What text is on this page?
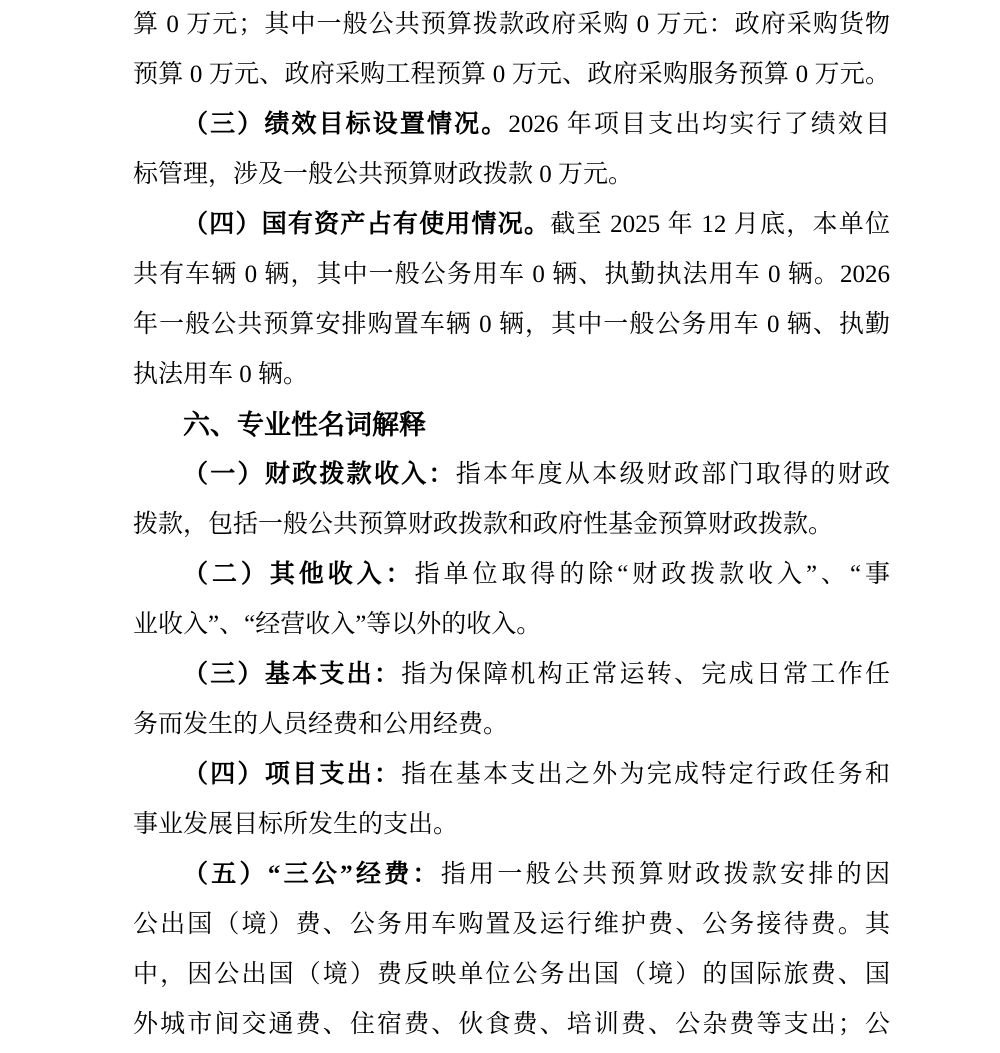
算 0 万元；其中一般公共预算拨款政府采购 0 万元：政府采购货物
预算 0 万元、政府采购工程预算 0 万元、政府采购服务预算 0 万元。
（三）绩效目标设置情况。2026 年项目支出均实行了绩效目
标管理，涉及一般公共预算财政拨款 0 万元。
（四）国有资产占有使用情况。截至 2025 年 12 月底，本单位
共有车辆 0 辆，其中一般公务用车 0 辆、执勤执法用车 0 辆。2026
年一般公共预算安排购置车辆 0 辆，其中一般公务用车 0 辆、执勤
执法用车 0 辆。
六、专业性名词解释
（一）财政拨款收入：指本年度从本级财政部门取得的财政
拨款，包括一般公共预算财政拨款和政府性基金预算财政拨款。
（二）其他收入：指单位取得的除“财政拨款收入”、“事
业收入”、“经营收入”等以外的收入。
（三）基本支出：指为保障机构正常运转、完成日常工作任
务而发生的人员经费和公用经费。
（四）项目支出：指在基本支出之外为完成特定行政任务和
事业发展目标所发生的支出。
（五）“三公”经费：指用一般公共预算财政拨款安排的因
公出国（境）费、公务用车购置及运行维护费、公务接待费。其
中，因公出国（境）费反映单位公务出国（境）的国际旅费、国
外城市间交通费、住宿费、伙食费、培训费、公杂费等支出；公
